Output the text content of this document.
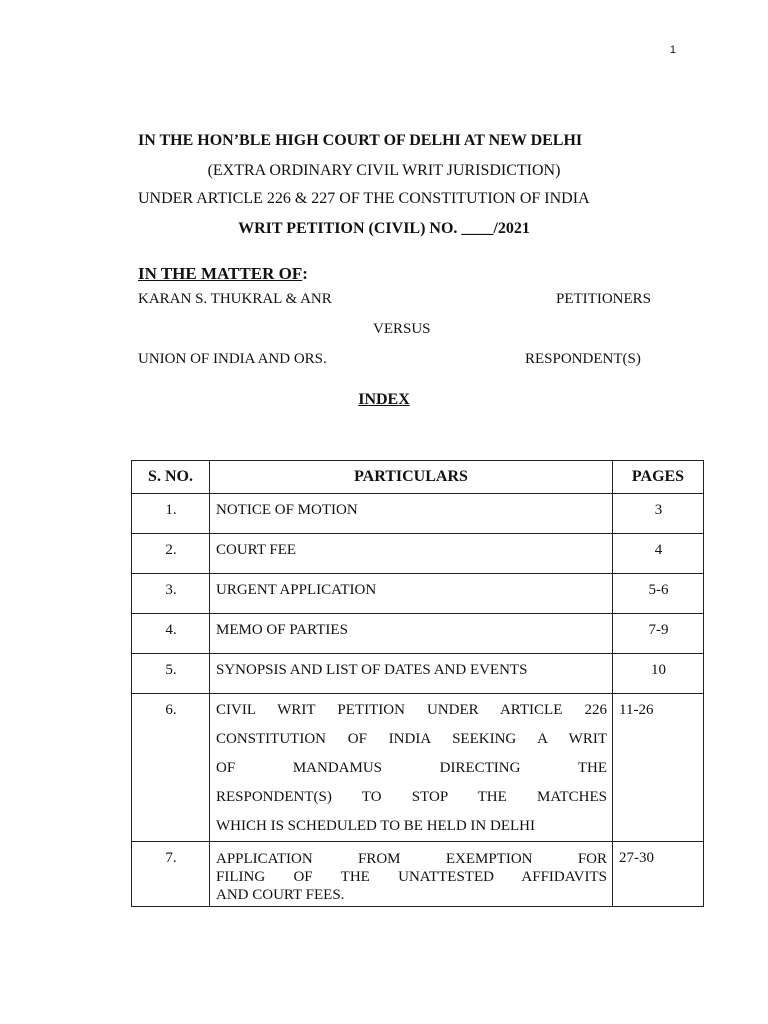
1
IN THE HON’BLE HIGH COURT OF DELHI AT NEW DELHI
(EXTRA ORDINARY CIVIL WRIT JURISDICTION)
UNDER ARTICLE 226 & 227 OF THE CONSTITUTION OF INDIA
WRIT PETITION (CIVIL) NO. ____/2021
IN THE MATTER OF:
KARAN S. THUKRAL & ANR	PETITIONERS
VERSUS
UNION OF INDIA AND ORS.	RESPONDENT(S)
INDEX
S. NO.	PARTICULARS	PAGES
1.	NOTICE OF MOTION	3
2.	COURT FEE	4
3.	URGENT APPLICATION	5-6
4.	MEMO OF PARTIES	7-9
5.	SYNOPSIS AND LIST OF DATES AND EVENTS	10
6.	CIVIL WRIT PETITION UNDER ARTICLE 226
CONSTITUTION OF INDIA SEEKING A WRIT
OF MANDAMUS DIRECTING THE
RESPONDENT(S) TO STOP THE MATCHES
WHICH IS SCHEDULED TO BE HELD IN DELHI	11-26
7.	APPLICATION FROM EXEMPTION FOR
FILING OF THE UNATTESTED AFFIDAVITS
AND COURT FEES.	27-30
